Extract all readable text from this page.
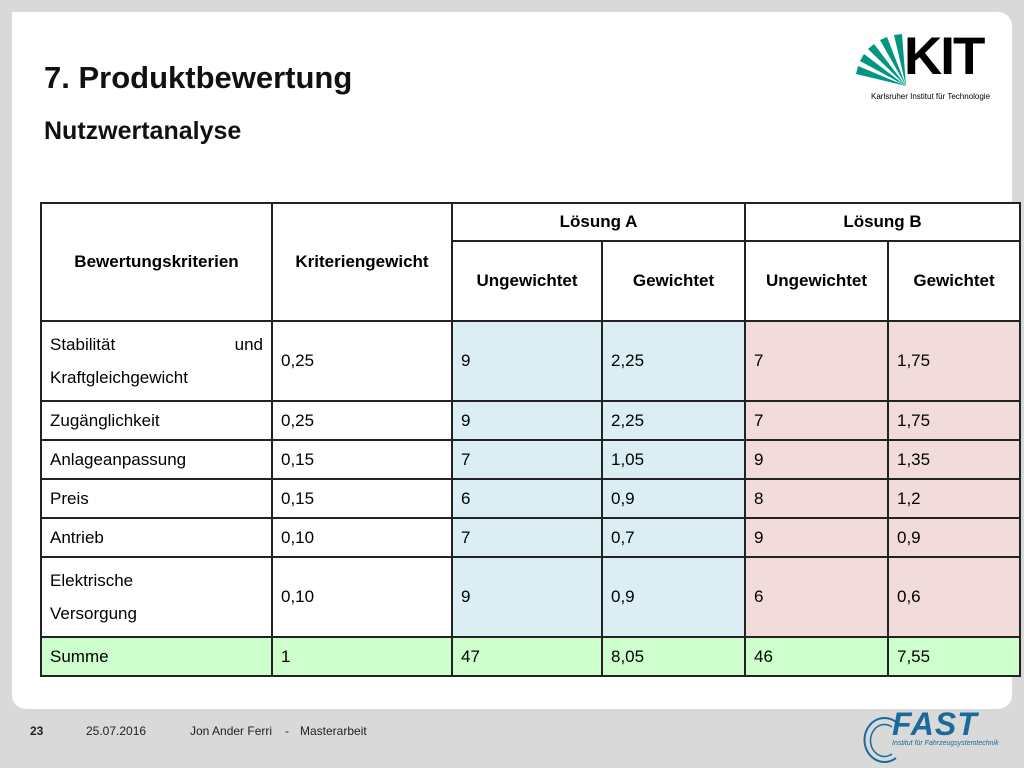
7. Produktbewertung
Nutzwertanalyse
KIT
Karlsruher Institut für Technologie
Bewertungskriterien	Kriteriengewicht	Lösung A		Lösung B	
		Ungewichtet	Gewichtet	Ungewichtet	Gewichtet

Stabilität und
Kraftgleichgewicht	0,25	9	2,25	7	1,75
Zugänglichkeit	0,25	9	2,25	7	1,75
Anlageanpassung	0,15	7	1,05	9	1,35
Preis	0,15	6	0,9	8	1,2
Antrieb	0,10	7	0,7	9	0,9

Elektrische
Versorgung	0,10	9	0,9	6	0,6
Summe	1	47	8,05	46	7,55
23	25.07.2016	Jon Ander Ferri - Masterarbeit	FAST
Institut für Fahrzeugsystemtechnik
